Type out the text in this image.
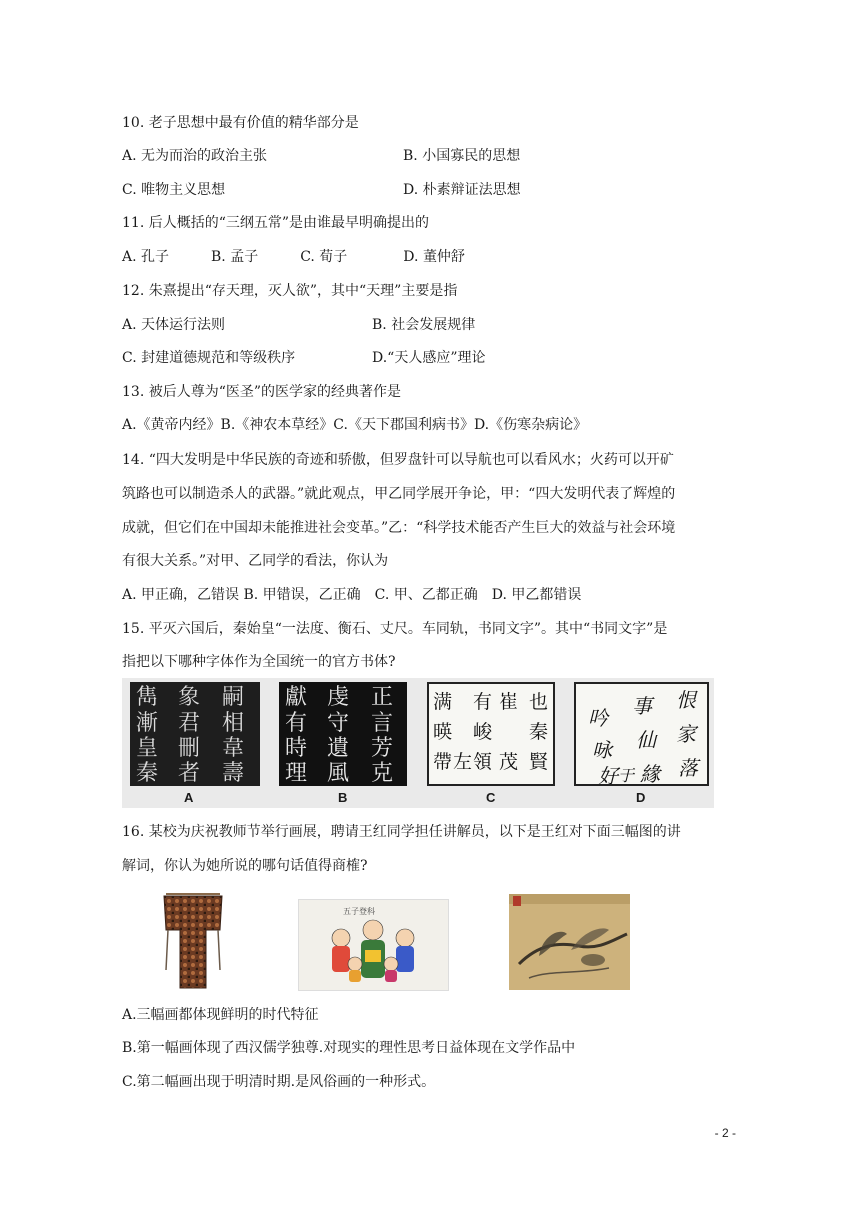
10. 老子思想中最有价值的精华部分是
A. 无为而治的政治主张	B. 小国寡民的思想
C. 唯物主义思想	D. 朴素辩证法思想
11. 后人概括的“三纲五常”是由谁最早明确提出的
A. 孔子　　　B. 孟子　　　C. 荀子　　　　D. 董仲舒
12. 朱熹提出“存天理，灭人欲”，其中“天理”主要是指
A. 天体运行法则	B. 社会发展规律
C. 封建道德规范和等级秩序	D.“天人感应”理论
13. 被后人尊为“医圣”的医学家的经典著作是
A.《黄帝内经》B.《神农本草经》C.《天下郡国利病书》D.《伤寒杂病论》
14. “四大发明是中华民族的奇迹和骄傲，但罗盘针可以导航也可以看风水；火药可以开矿
筑路也可以制造杀人的武器。”就此观点，甲乙同学展开争论，甲：“四大发明代表了辉煌的
成就，但它们在中国却未能推进社会变革。”乙：“科学技术能否产生巨大的效益与社会环境
有很大关系。”对甲、乙同学的看法，你认为
A. 甲正确，乙错误 B. 甲错误，乙正确　C. 甲、乙都正确　D. 甲乙都错误
15. 平灭六国后，秦始皇“一法度、衡石、丈尺。车同轨，书同文字”。其中“书同文字”是
指把以下哪种字体作为全国统一的官方书体?
雋 象 嗣
漸 君 相
皇 刪 韋
秦 者 壽
A
獻
有
時
虔
守
遺
正
言
芳
克
理 風
B
满 有 崔 也
暎 峻 秦
帶 領 賢
左 茂
C
恨
事
吟
仙 家
咏
好 緣 落
于
D
16. 某校为庆祝教师节举行画展，聘请王红同学担任讲解员，以下是王红对下面三幅图的讲
解词，你认为她所说的哪句话值得商榷?
五子登科
A.三幅画都体现鲜明的时代特征
B.第一幅画体现了西汉儒学独尊.对现实的理性思考日益体现在文学作品中
C.第二幅画出现于明清时期.是风俗画的一种形式。
- 2 -
